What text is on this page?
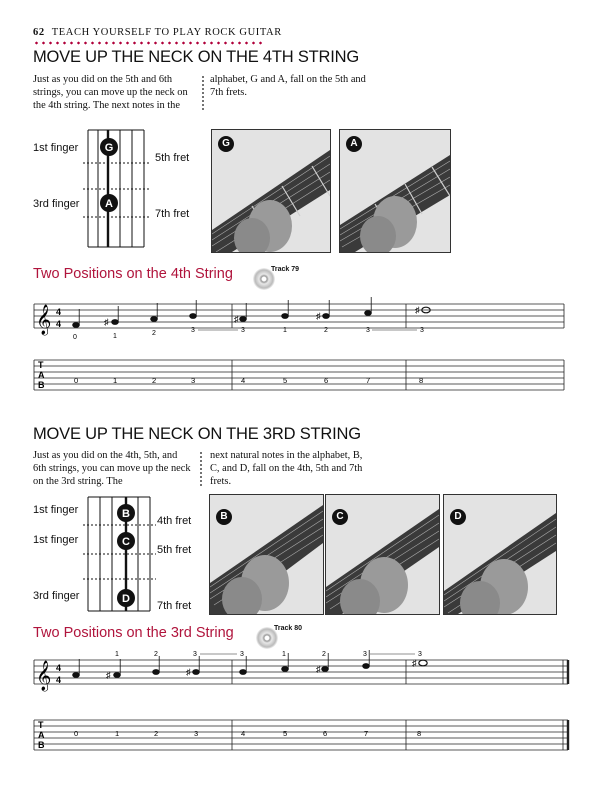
62 TEACH YOURSELF TO PLAY ROCK GUITAR
MOVE UP THE NECK ON THE 4TH STRING
Just as you did on the 5th and 6th strings, you can move up the neck on the 4th string. The next notes in the
alphabet, G and A, fall on the 5th and 7th frets.
G
A
1st finger
3rd finger
5th fret
7th fret
G	A
Two Positions on the 4th String	Track 79
𝄞 4
4	♯	♯	♯
♯
0	1	2	3	3	1	2	3	3
T
A
B	0	1	2	3	4	5	6	7	8
MOVE UP THE NECK ON THE 3RD STRING
Just as you did on the 4th, 5th, and 6th strings, you can move up the neck on the 3rd string. The
next natural notes in the alphabet, B, C, and D, fall on the 4th, 5th and 7th frets.
B
C
D
1st finger
1st finger
3rd finger
4th fret
5th fret
7th fret
B	C	D
Two Positions on the 3rd String	Track 80
1	2	3	3	1	2	3	3
𝄞 4
4	♯	♯	♯
♯
T
A
B
0	1	2	3	4	5	6	7	8
